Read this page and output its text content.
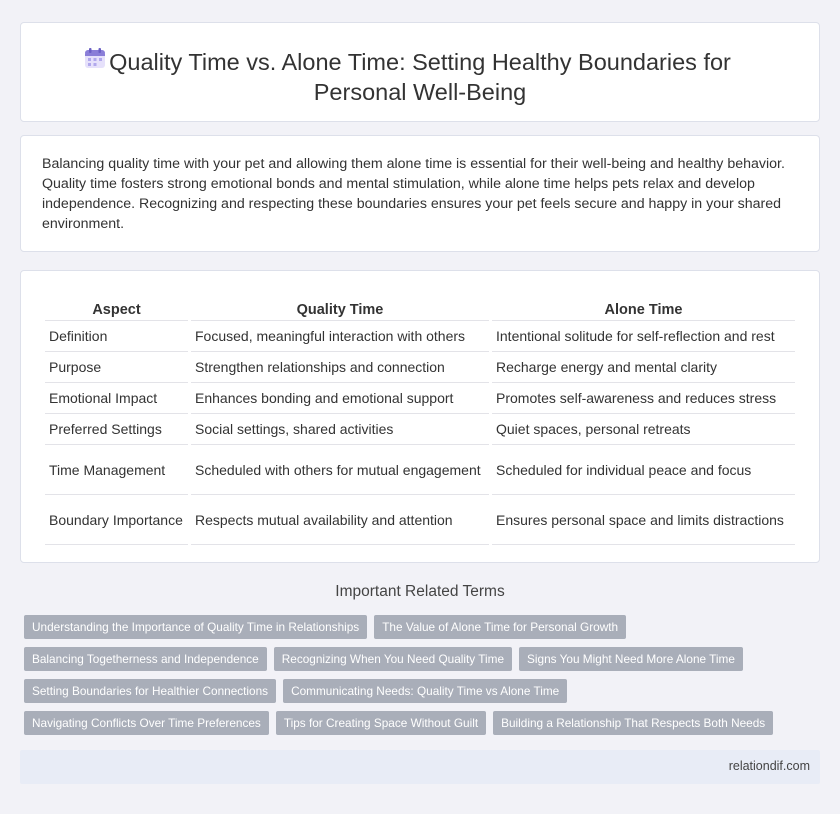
Quality Time vs. Alone Time: Setting Healthy Boundaries for
Personal Well-Being

Balancing quality time with your pet and allowing them alone time is essential for their well-being and healthy behavior. Quality time fosters strong emotional bonds and mental stimulation, while alone time helps pets relax and develop independence. Recognizing and respecting these boundaries ensures your pet feels secure and happy in your shared environment.

Aspect	Quality Time	Alone Time
Definition	Focused, meaningful interaction with others	Intentional solitude for self-reflection and rest
Purpose	Strengthen relationships and connection	Recharge energy and mental clarity
Emotional Impact	Enhances bonding and emotional support	Promotes self-awareness and reduces stress
Preferred Settings	Social settings, shared activities	Quiet spaces, personal retreats
Time Management	Scheduled with others for mutual engagement	Scheduled for individual peace and focus
Boundary Importance	Respects mutual availability and attention	Ensures personal space and limits distractions
Important Related Terms
Understanding the Importance of Quality Time in Relationships	The Value of Alone Time for Personal Growth
Balancing Togetherness and Independence	Recognizing When You Need Quality Time	Signs You Might Need More Alone Time
Setting Boundaries for Healthier Connections	Communicating Needs: Quality Time vs Alone Time
Navigating Conflicts Over Time Preferences	Tips for Creating Space Without Guilt	Building a Relationship That Respects Both Needs
relationdif.com
